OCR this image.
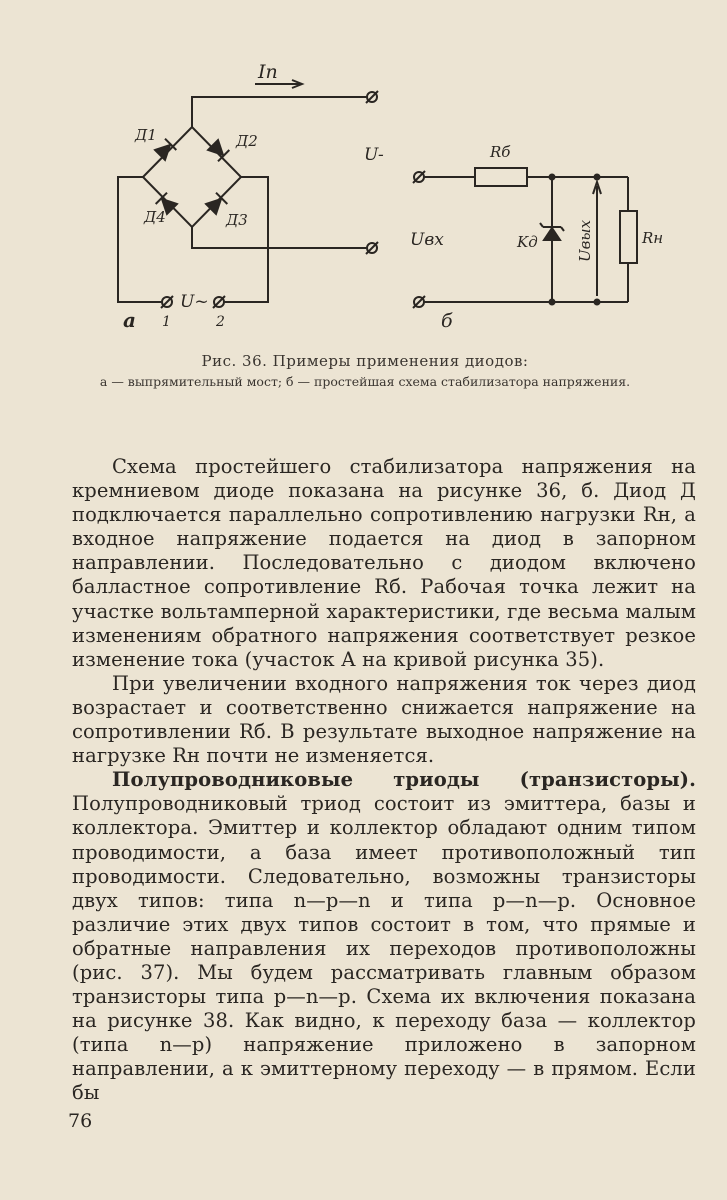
Iп
Д1	Д2
Д4	Д3
U-
U~
1	2
а
Rб
Kд	Rн
Uвх	Uвых
б
Рис. 36. Примеры применения диодов:
а — выпрямительный мост; б — простейшая схема стабилизатора напряжения.

Схема простейшего стабилизатора напряжения на кремниевом диоде показана на рисунке 36, б. Диод Д подключается параллельно сопротивлению нагрузки Rн, а входное напряжение подается на диод в запорном направлении. Последовательно с диодом включено балластное сопротивление Rб. Рабочая точка лежит на участке вольтамперной характеристики, где весьма малым изменениям обратного напряжения соответствует резкое изменение тока (участок А на кривой рисунка 35).

При увеличении входного напряжения ток через диод возрастает и соответственно снижается напряжение на сопротивлении Rб. В результате выходное напряжение на нагрузке Rн почти не изменяется.

Полупроводниковые триоды (транзисторы). Полупроводниковый триод состоит из эмиттера, базы и коллектора. Эмиттер и коллектор обладают одним типом проводимости, а база имеет противоположный тип проводимости. Следовательно, возможны транзисторы двух типов: типа n—p—n и типа p—n—p. Основное различие этих двух типов состоит в том, что прямые и обратные направления их переходов противоположны (рис. 37). Мы будем рассматривать главным образом транзисторы типа p—n—p. Схема их включения показана на рисунке 38. Как видно, к переходу база — коллектор (типа n—p) напряжение приложено в запорном направлении, а к эмиттерному переходу — в прямом. Если бы

76
